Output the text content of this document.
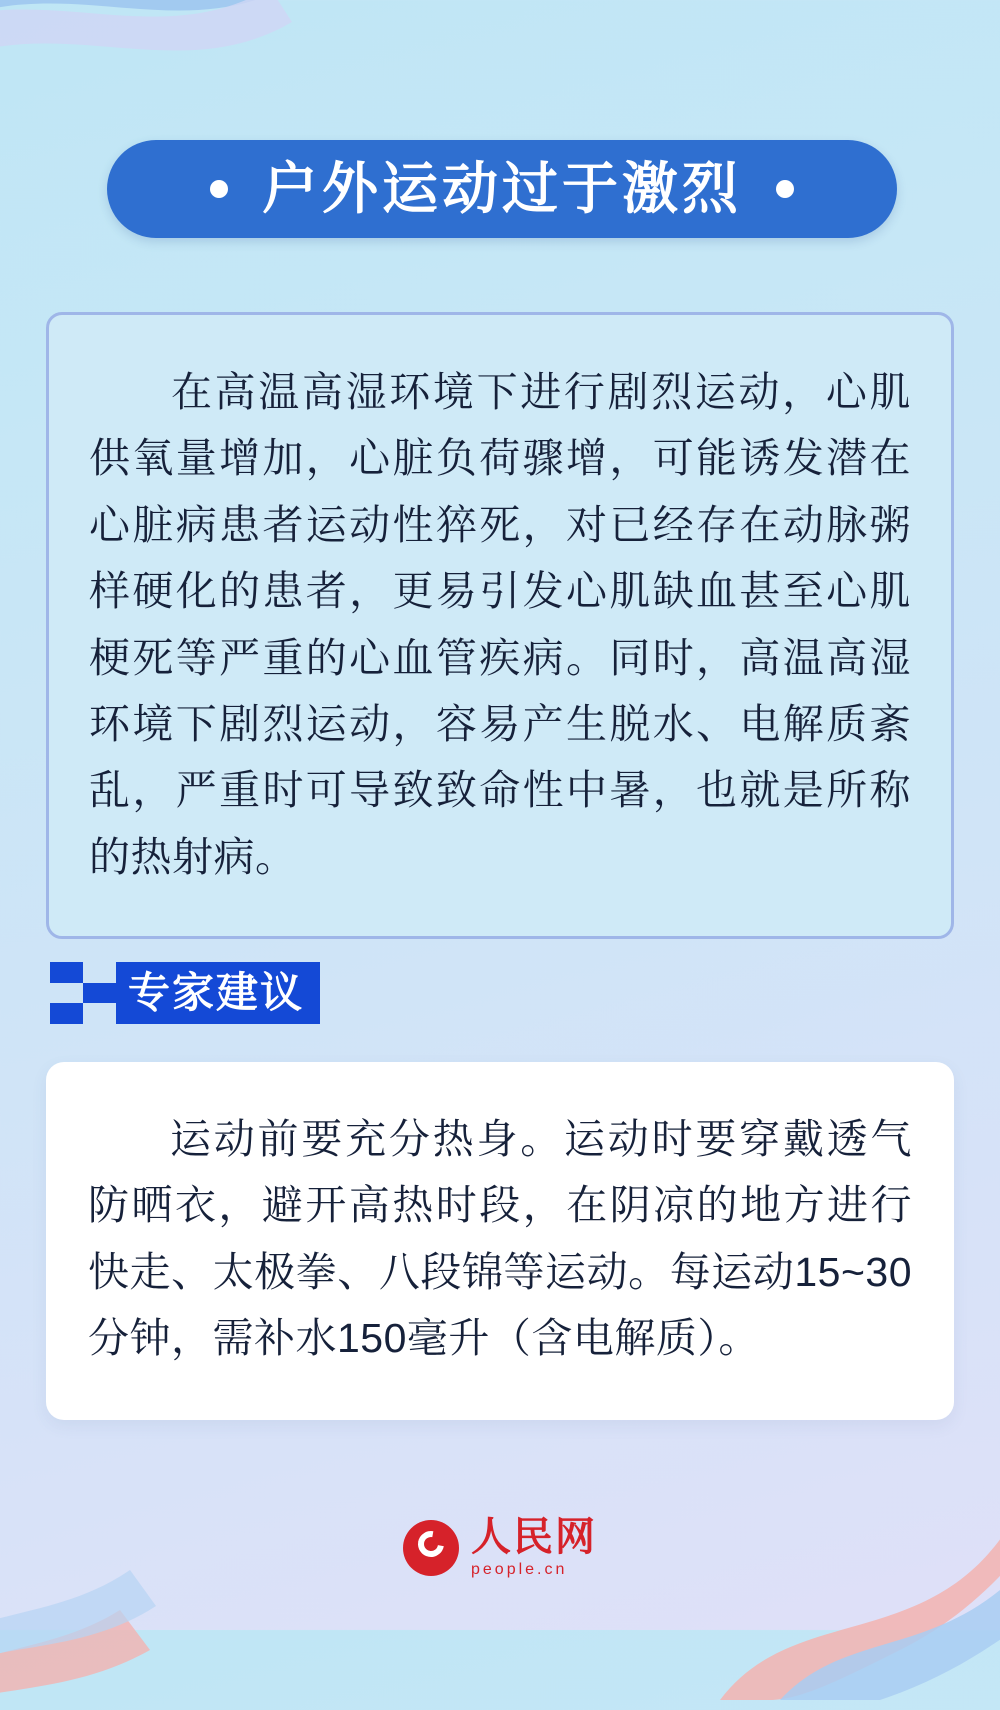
户外运动过于激烈

在高温高湿环境下进行剧烈运动，心肌供氧量增加，心脏负荷骤增，可能诱发潜在心脏病患者运动性猝死，对已经存在动脉粥样硬化的患者，更易引发心肌缺血甚至心肌梗死等严重的心血管疾病。同时，高温高湿环境下剧烈运动，容易产生脱水、电解质紊乱，严重时可导致致命性中暑，也就是所称的热射病。

专家建议

运动前要充分热身。运动时要穿戴透气防晒衣，避开高热时段，在阴凉的地方进行快走、太极拳、八段锦等运动。每运动15~30分钟，需补水150毫升（含电解质）。

人民网
people.cn
